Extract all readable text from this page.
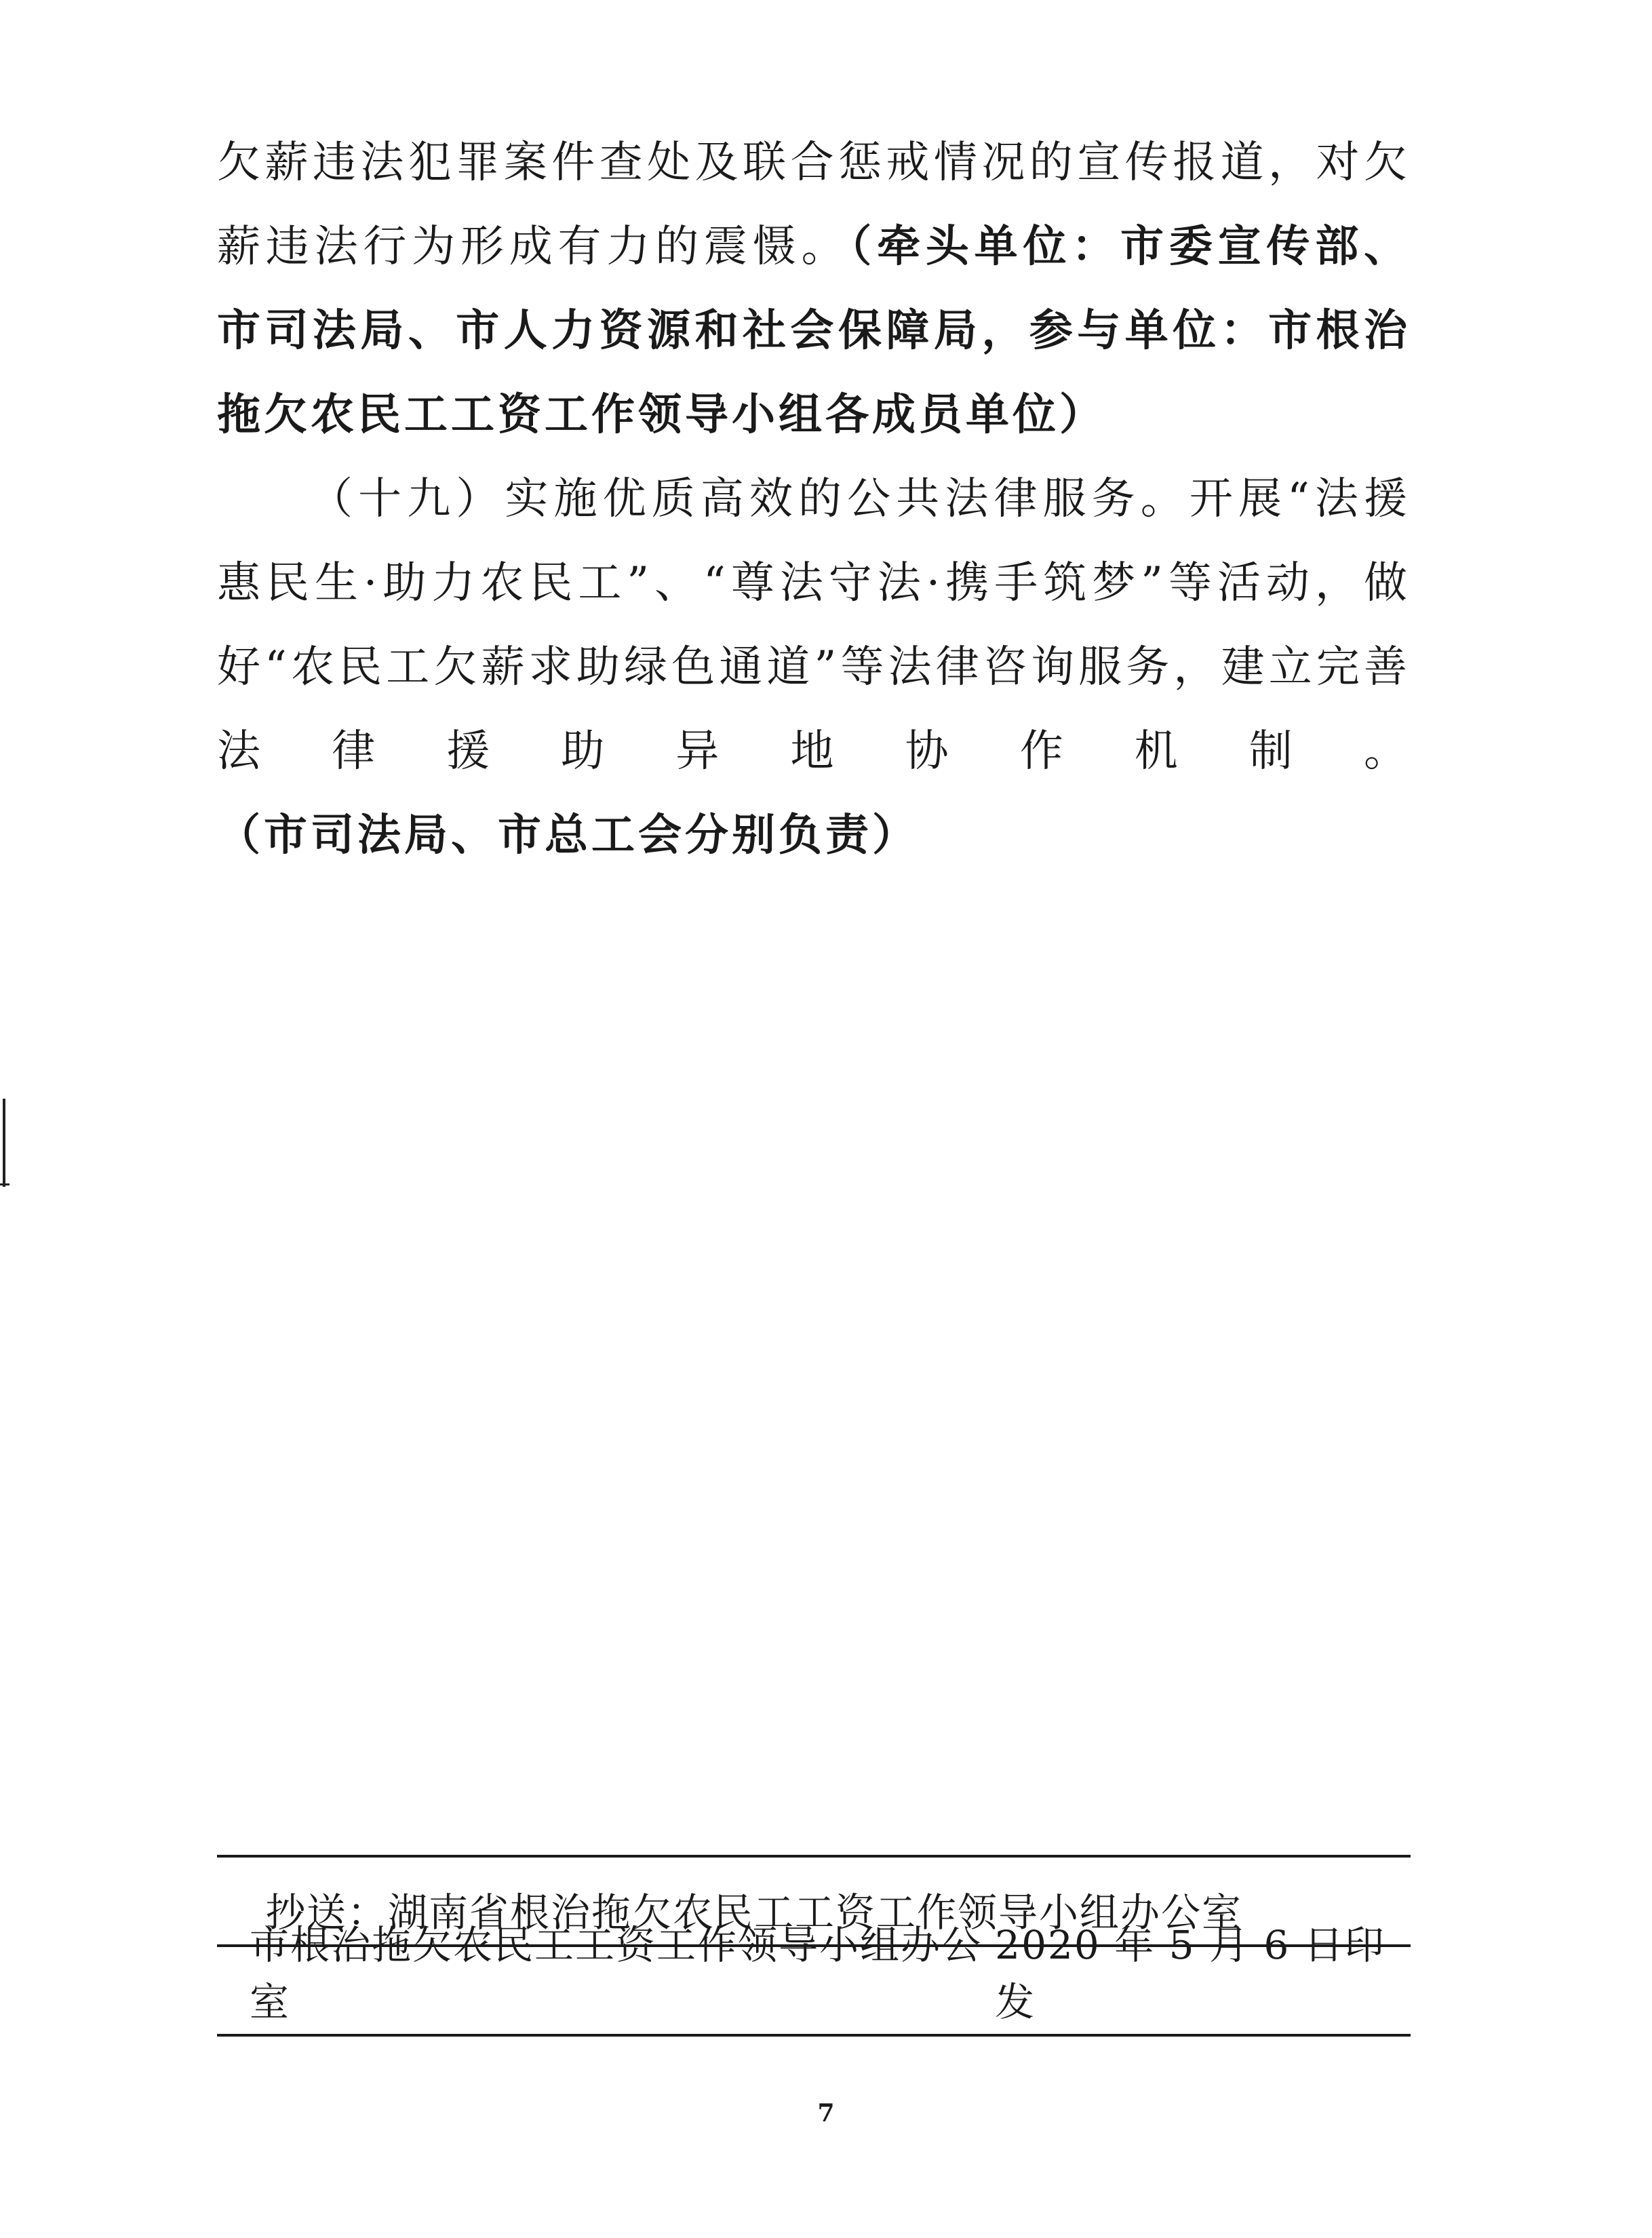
欠薪违法犯罪案件查处及联合惩戒情况的宣传报道，对欠薪违法行为形成有力的震慑。（牵头单位：市委宣传部、市司法局、市人力资源和社会保障局，参与单位：市根治拖欠农民工工资工作领导小组各成员单位）

（十九）实施优质高效的公共法律服务。开展“法援惠民生·助力农民工”、“尊法守法·携手筑梦”等活动，做好“农民工欠薪求助绿色通道”等法律咨询服务，建立完善法律援助异地协作机制。（市司法局、市总工会分别负责）

抄送： 湖南省根治拖欠农民工工资工作领导小组办公室
市根治拖欠农民工工资工作领导小组办公室
2020 年 5 月 6 日印发
7
